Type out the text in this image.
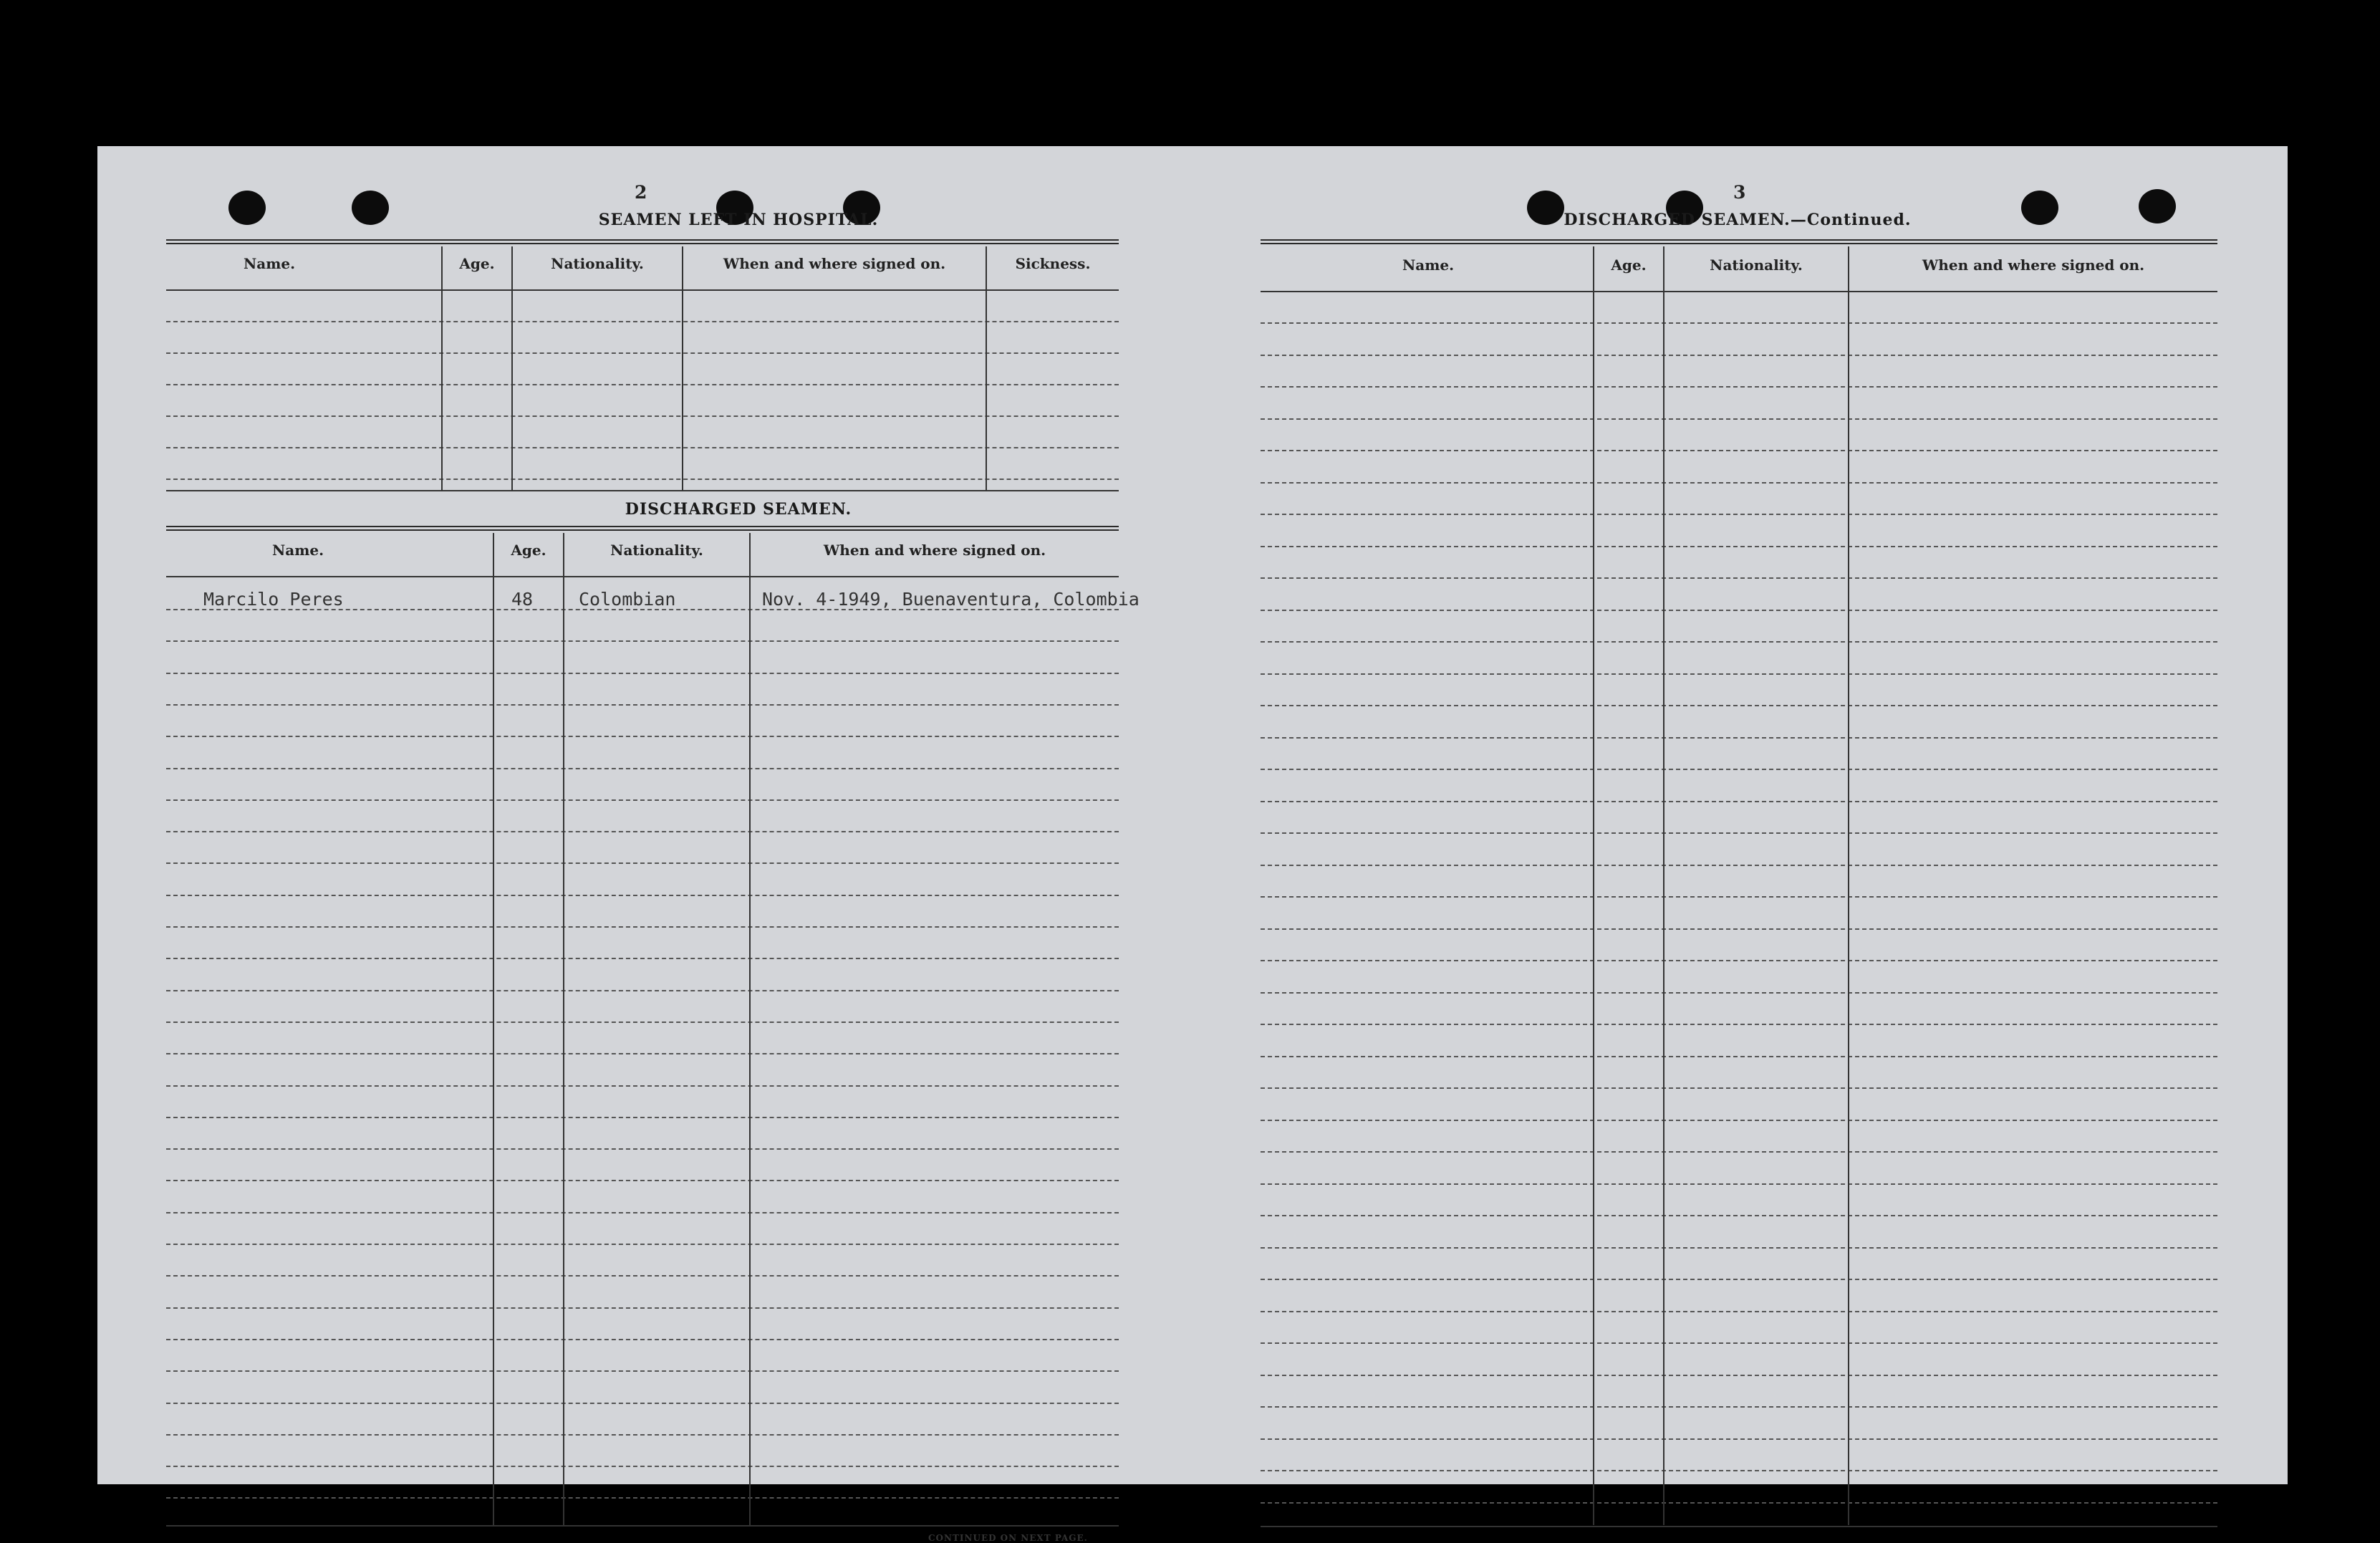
2
SEAMEN LEFT IN HOSPITAL.
Name.	Age.	Nationality.	When and where signed on.	Sickness.
DISCHARGED SEAMEN.
Name.	Age.	Nationality.	When and where signed on.
Marcilo Peres	48	Colombian	Nov. 4-1949, Buenaventura, Colombia
CONTINUED ON NEXT PAGE.
3
DISCHARGED SEAMEN.—Continued.
Name.	Age.	Nationality.	When and where signed on.
